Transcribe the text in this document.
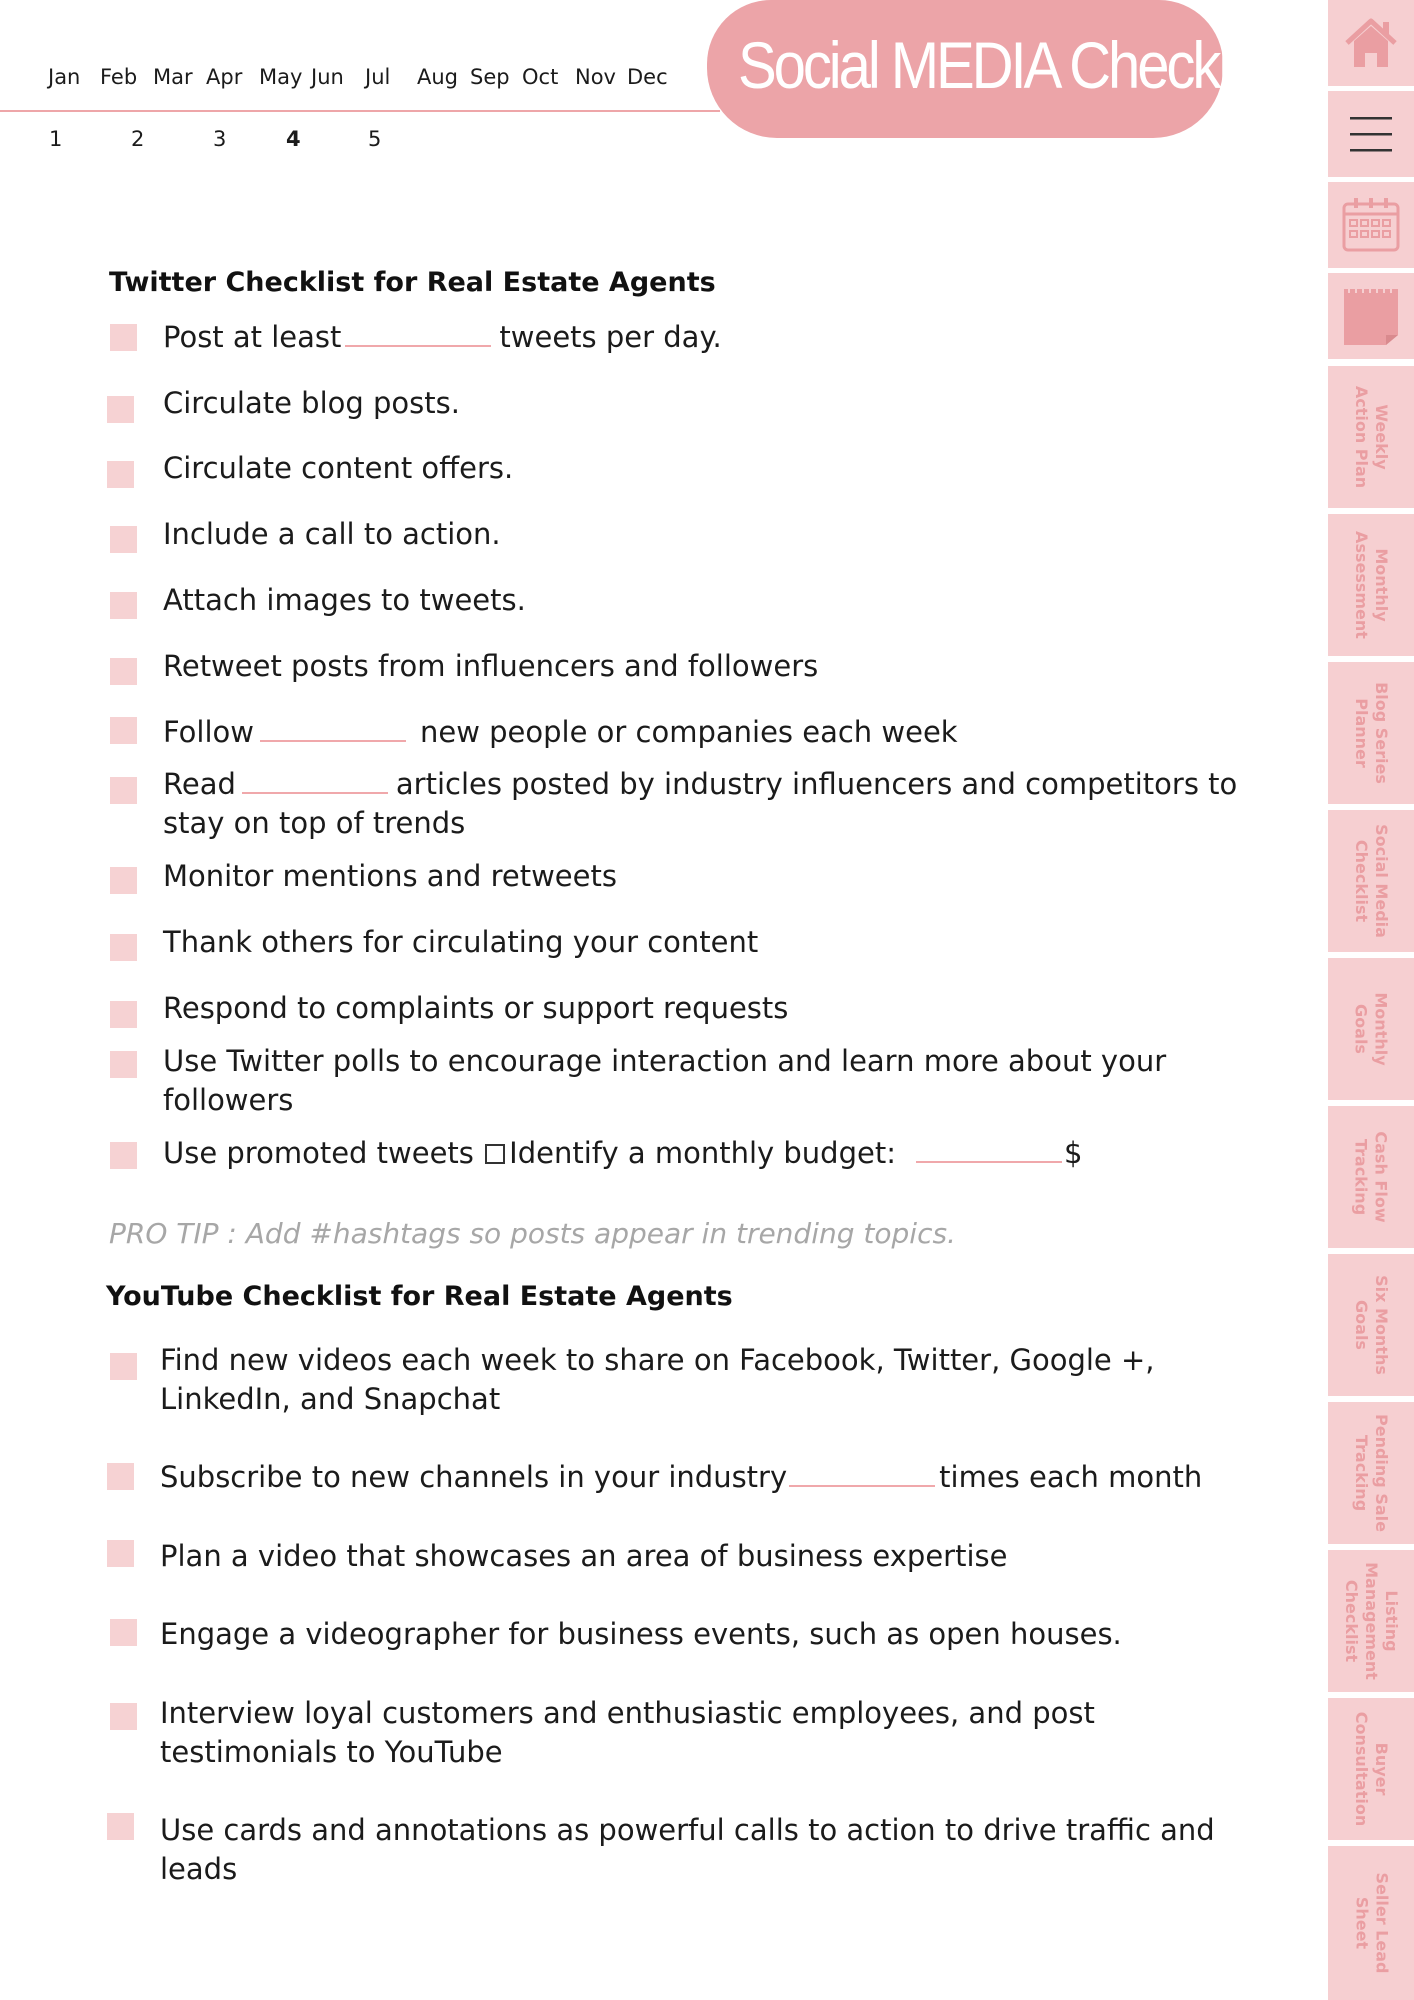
Jan Feb Mar Apr May Jun Jul Aug Sep Oct Nov Dec
1	2	3	4	5
Social MEDIA Checklist
Twitter Checklist for Real Estate Agents
Post at least	tweets per day.
Circulate blog posts.
Circulate content offers.
Include a call to action.
Attach images to tweets.
Retweet posts from influencers and followers
Follow	new people or companies each week
Read	articles posted by industry influencers and competitors to
stay on top of trends
Monitor mentions and retweets
Thank others for circulating your content
Respond to complaints or support requests
Use Twitter polls to encourage interaction and learn more about your
followers
Use promoted tweets Identify a monthly budget:	$
PRO TIP : Add #hashtags so posts appear in trending topics.
YouTube Checklist for Real Estate Agents
Find new videos each week to share on Facebook, Twitter, Google +,
LinkedIn, and Snapchat
Subscribe to new channels in your industry	times each month
Plan a video that showcases an area of business expertise
Engage a videographer for business events, such as open houses.
Interview loyal customers and enthusiastic employees, and post
testimonials to YouTube
Use cards and annotations as powerful calls to action to drive traffic and
leads
Weekly
Action Plan
Monthly
Assessment
Blog Series
Planner
Social Media
Checklist
Monthly
Goals
Cash Flow
Tracking
Six Months
Goals
Pending Sale
Tracking
Listing
Management
Checklist
Buyer
Consultation
Seller Lead
Sheet
